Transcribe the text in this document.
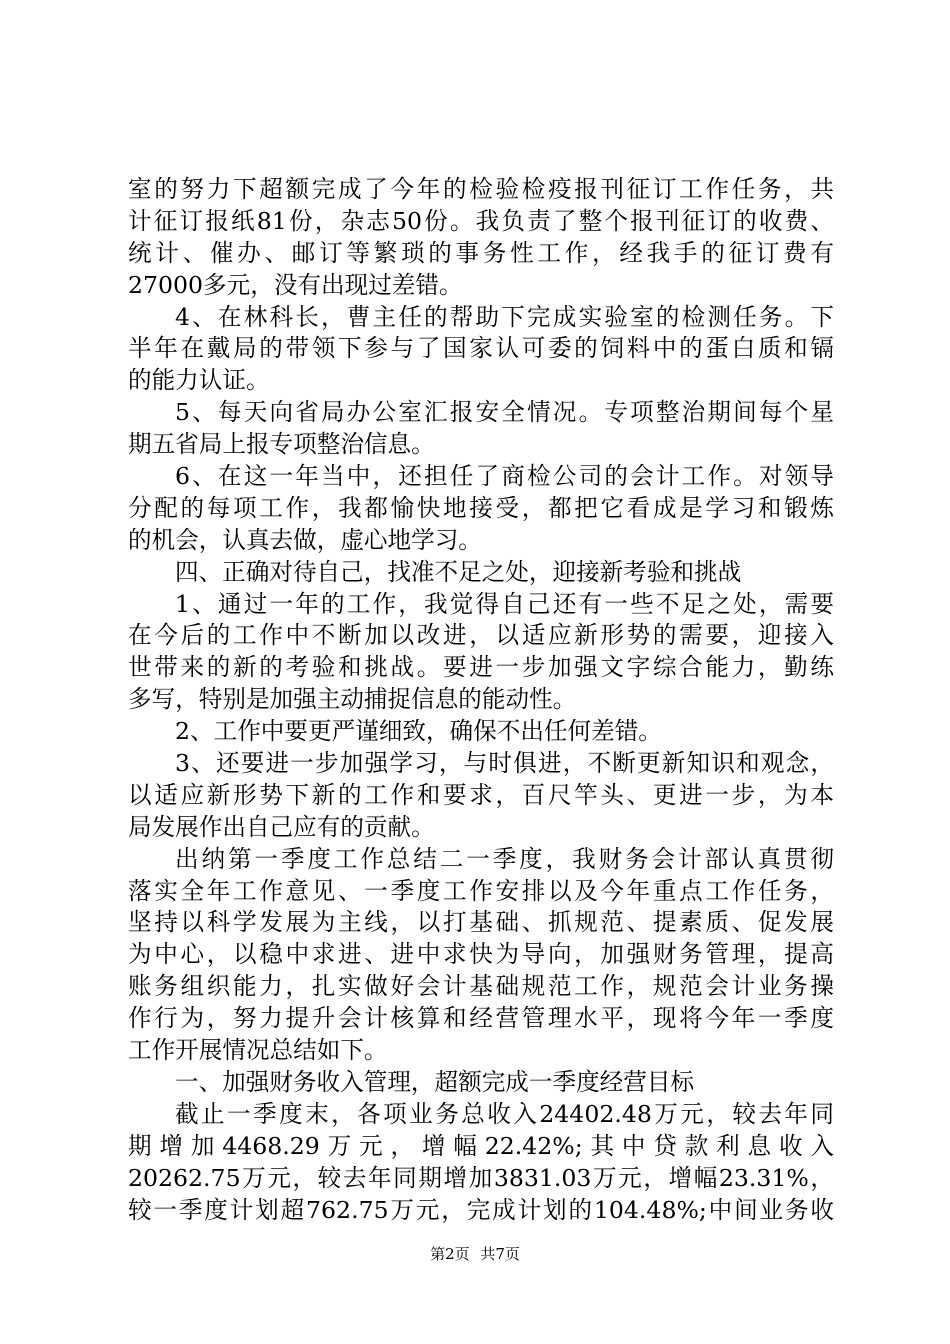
室的努力下超额完成了今年的检验检疫报刊征订工作任务，共
计征订报纸81份，杂志50份。我负责了整个报刊征订的收费、
统计、催办、邮订等繁琐的事务性工作，经我手的征订费有
27000多元，没有出现过差错。
4、在林科长，曹主任的帮助下完成实验室的检测任务。下
半年在戴局的带领下参与了国家认可委的饲料中的蛋白质和镉
的能力认证。
5、每天向省局办公室汇报安全情况。专项整治期间每个星
期五省局上报专项整治信息。
6、在这一年当中，还担任了商检公司的会计工作。对领导
分配的每项工作，我都愉快地接受，都把它看成是学习和锻炼
的机会，认真去做，虚心地学习。
四、正确对待自己，找准不足之处，迎接新考验和挑战
1、通过一年的工作，我觉得自己还有一些不足之处，需要
在今后的工作中不断加以改进，以适应新形势的需要，迎接入
世带来的新的考验和挑战。要进一步加强文字综合能力，勤练
多写，特别是加强主动捕捉信息的能动性。
2、工作中要更严谨细致，确保不出任何差错。
3、还要进一步加强学习，与时俱进，不断更新知识和观念，
以适应新形势下新的工作和要求，百尺竿头、更进一步，为本
局发展作出自己应有的贡献。
出纳第一季度工作总结二一季度，我财务会计部认真贯彻
落实全年工作意见、一季度工作安排以及今年重点工作任务，
坚持以科学发展为主线，以打基础、抓规范、提素质、促发展
为中心，以稳中求进、进中求快为导向，加强财务管理，提高
账务组织能力，扎实做好会计基础规范工作，规范会计业务操
作行为，努力提升会计核算和经营管理水平，现将今年一季度
工作开展情况总结如下。
一、加强财务收入管理，超额完成一季度经营目标
截止一季度末，各项业务总收入24402.48万元，较去年同
期增加4468.29万元，增幅22.42%;其中贷款利息收入
20262.75万元，较去年同期增加3831.03万元，增幅23.31%，
较一季度计划超762.75万元，完成计划的104.48%;中间业务收
第2页 共7页
